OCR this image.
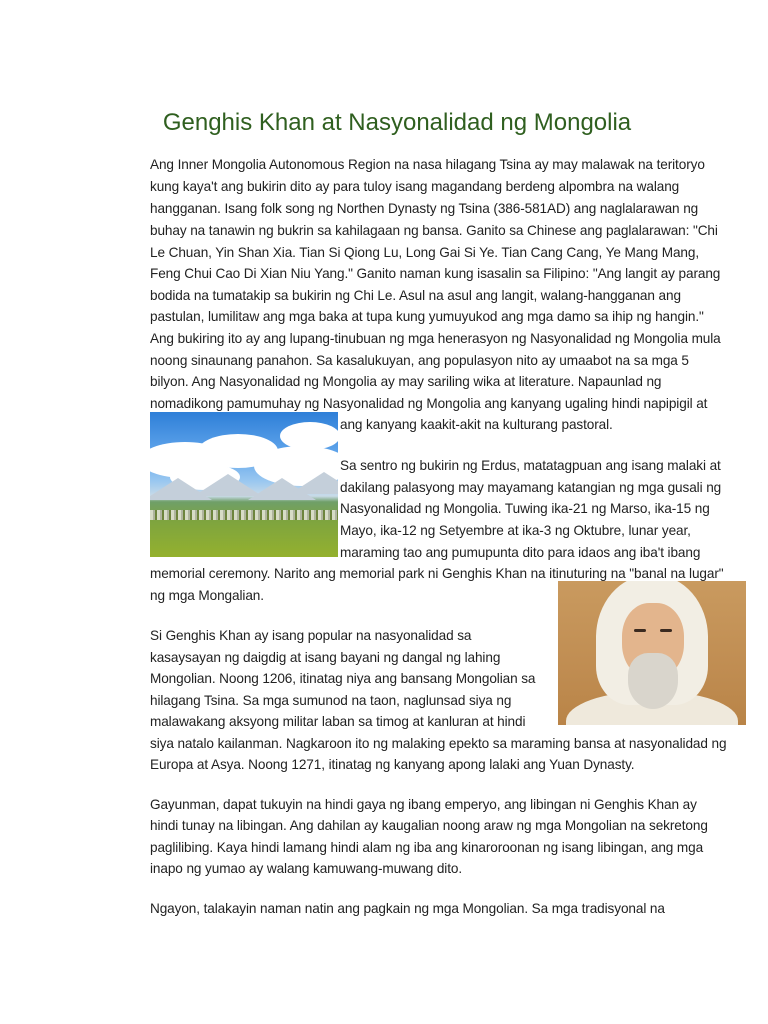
Genghis Khan at Nasyonalidad ng Mongolia
Ang Inner Mongolia Autonomous Region na nasa hilagang Tsina ay may malawak na teritoryo
kung kaya't ang bukirin dito ay para tuloy isang magandang berdeng alpombra na walang
hangganan. Isang folk song ng Northen Dynasty ng Tsina (386-581AD) ang naglalarawan ng
buhay na tanawin ng bukrin sa kahilagaan ng bansa. Ganito sa Chinese ang paglalarawan: "Chi
Le Chuan, Yin Shan Xia. Tian Si Qiong Lu, Long Gai Si Ye. Tian Cang Cang, Ye Mang Mang,
Feng Chui Cao Di Xian Niu Yang." Ganito naman kung isasalin sa Filipino: "Ang langit ay parang
bodida na tumatakip sa bukirin ng Chi Le. Asul na asul ang langit, walang-hangganan ang
pastulan, lumilitaw ang mga baka at tupa kung yumuyukod ang mga damo sa ihip ng hangin."
Ang bukiring ito ay ang lupang-tinubuan ng mga henerasyon ng Nasyonalidad ng Mongolia mula
noong sinaunang panahon. Sa kasalukuyan, ang populasyon nito ay umaabot na sa mga 5
bilyon. Ang Nasyonalidad ng Mongolia ay may sariling wika at literature. Napaunlad ng
nomadikong pamumuhay ng Nasyonalidad ng Mongolia ang kanyang ugaling hindi napipigil at
ang kanyang kaakit-akit na kulturang pastoral.
Sa sentro ng bukirin ng Erdus, matatagpuan ang isang malaki at
dakilang palasyong may mayamang katangian ng mga gusali ng
Nasyonalidad ng Mongolia. Tuwing ika-21 ng Marso, ika-15 ng
Mayo, ika-12 ng Setyembre at ika-3 ng Oktubre, lunar year,
maraming tao ang pumupunta dito para idaos ang iba't ibang
memorial ceremony. Narito ang memorial park ni Genghis Khan na itinuturing na "banal na lugar"
ng mga Mongalian.
Si Genghis Khan ay isang popular na nasyonalidad sa
kasaysayan ng daigdig at isang bayani ng dangal ng lahing
Mongolian. Noong 1206, itinatag niya ang bansang Mongolian sa
hilagang Tsina. Sa mga sumunod na taon, naglunsad siya ng
malawakang aksyong militar laban sa timog at kanluran at hindi
siya natalo kailanman. Nagkaroon ito ng malaking epekto sa maraming bansa at nasyonalidad ng
Europa at Asya. Noong 1271, itinatag ng kanyang apong lalaki ang Yuan Dynasty.
Gayunman, dapat tukuyin na hindi gaya ng ibang emperyo, ang libingan ni Genghis Khan ay
hindi tunay na libingan. Ang dahilan ay kaugalian noong araw ng mga Mongolian na sekretong
paglilibing. Kaya hindi lamang hindi alam ng iba ang kinaroroonan ng isang libingan, ang mga
inapo ng yumao ay walang kamuwang-muwang dito.
Ngayon, talakayin naman natin ang pagkain ng mga Mongolian. Sa mga tradisyonal na
